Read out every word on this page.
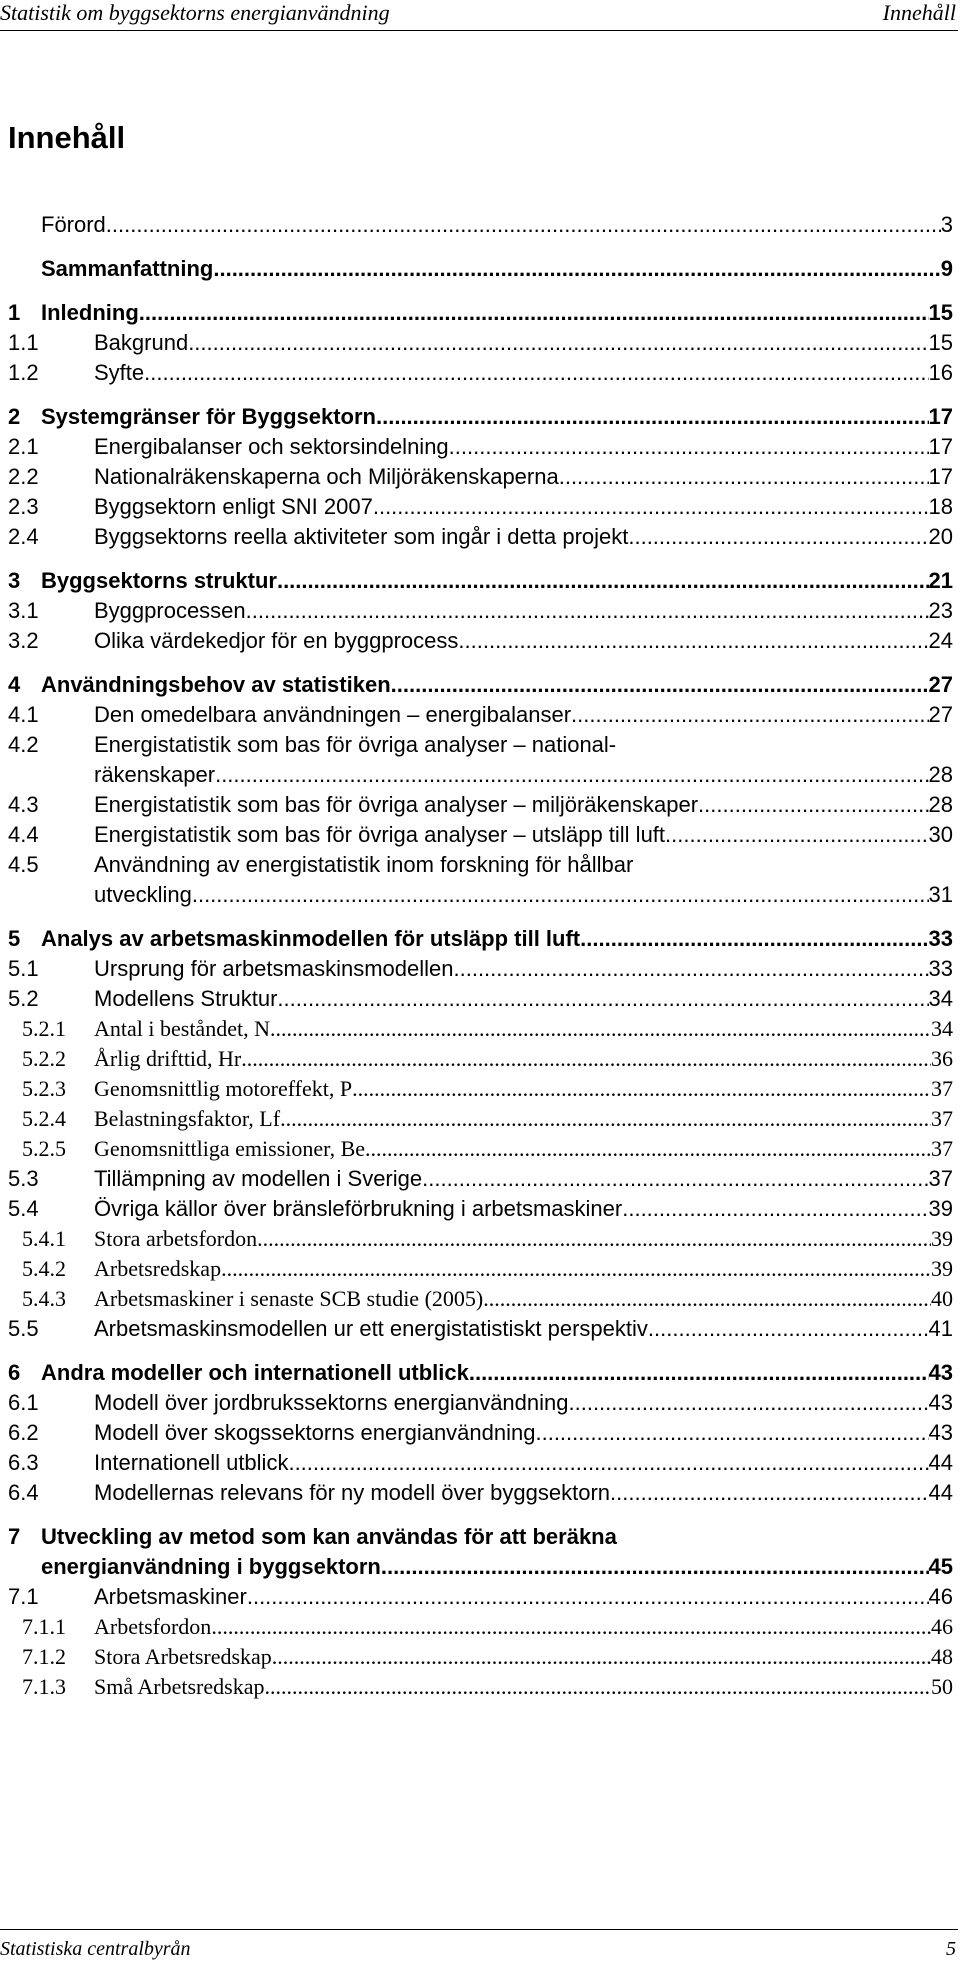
Statistik om byggsektorns energianvändning	Innehåll
Innehåll
Förord .....	3
Sammanfattning .....	9
1 Inledning .....	15
1.1	Bakgrund .....	15
1.2	Syfte .....	16
2 Systemgränser för Byggsektorn .....	17
2.1	Energibalanser och sektorsindelning .....	17
2.2	Nationalräkenskaperna och Miljöräkenskaperna .....	17
2.3	Byggsektorn enligt SNI 2007 .....	18
2.4	Byggsektorns reella aktiviteter som ingår i detta projekt .....	20
3 Byggsektorns struktur .....	21
3.1	Byggprocessen .....	23
3.2	Olika värdekedjor för en byggprocess .....	24
4 Användningsbehov av statistiken .....	27
4.1	Den omedelbara användningen – energibalanser .....	27
4.2	Energistatistik som bas för övriga analyser – national-
räkenskaper .....	28
4.3	Energistatistik som bas för övriga analyser – miljöräkenskaper .....	28
4.4	Energistatistik som bas för övriga analyser – utsläpp till luft .....	30
4.5	Användning av energistatistik inom forskning för hållbar
utveckling .....	31
5 Analys av arbetsmaskinmodellen för utsläpp till luft .....	33
5.1	Ursprung för arbetsmaskinsmodellen .....	33
5.2	Modellens Struktur .....	34
5.2.1	Antal i beståndet, N .....	34
5.2.2	Årlig drifttid, Hr .....	36
5.2.3	Genomsnittlig motoreffekt, P .....	37
5.2.4	Belastningsfaktor, Lf .....	37
5.2.5	Genomsnittliga emissioner, Be .....	37
5.3	Tillämpning av modellen i Sverige .....	37
5.4	Övriga källor över bränsleförbrukning i arbetsmaskiner .....	39
5.4.1	Stora arbetsfordon .....	39
5.4.2	Arbetsredskap .....	39
5.4.3	Arbetsmaskiner i senaste SCB studie (2005) .....	40
5.5	Arbetsmaskinsmodellen ur ett energistatistiskt perspektiv .....	41
6 Andra modeller och internationell utblick .....	43
6.1	Modell över jordbrukssektorns energianvändning .....	43
6.2	Modell över skogssektorns energianvändning .....	43
6.3	Internationell utblick .....	44
6.4	Modellernas relevans för ny modell över byggsektorn .....	44
7 Utveckling av metod som kan användas för att beräkna
energianvändning i byggsektorn .....	45
7.1	Arbetsmaskiner .....	46
7.1.1	Arbetsfordon .....	46
7.1.2	Stora Arbetsredskap .....	48
7.1.3	Små Arbetsredskap .....	50
Statistiska centralbyrån	5
